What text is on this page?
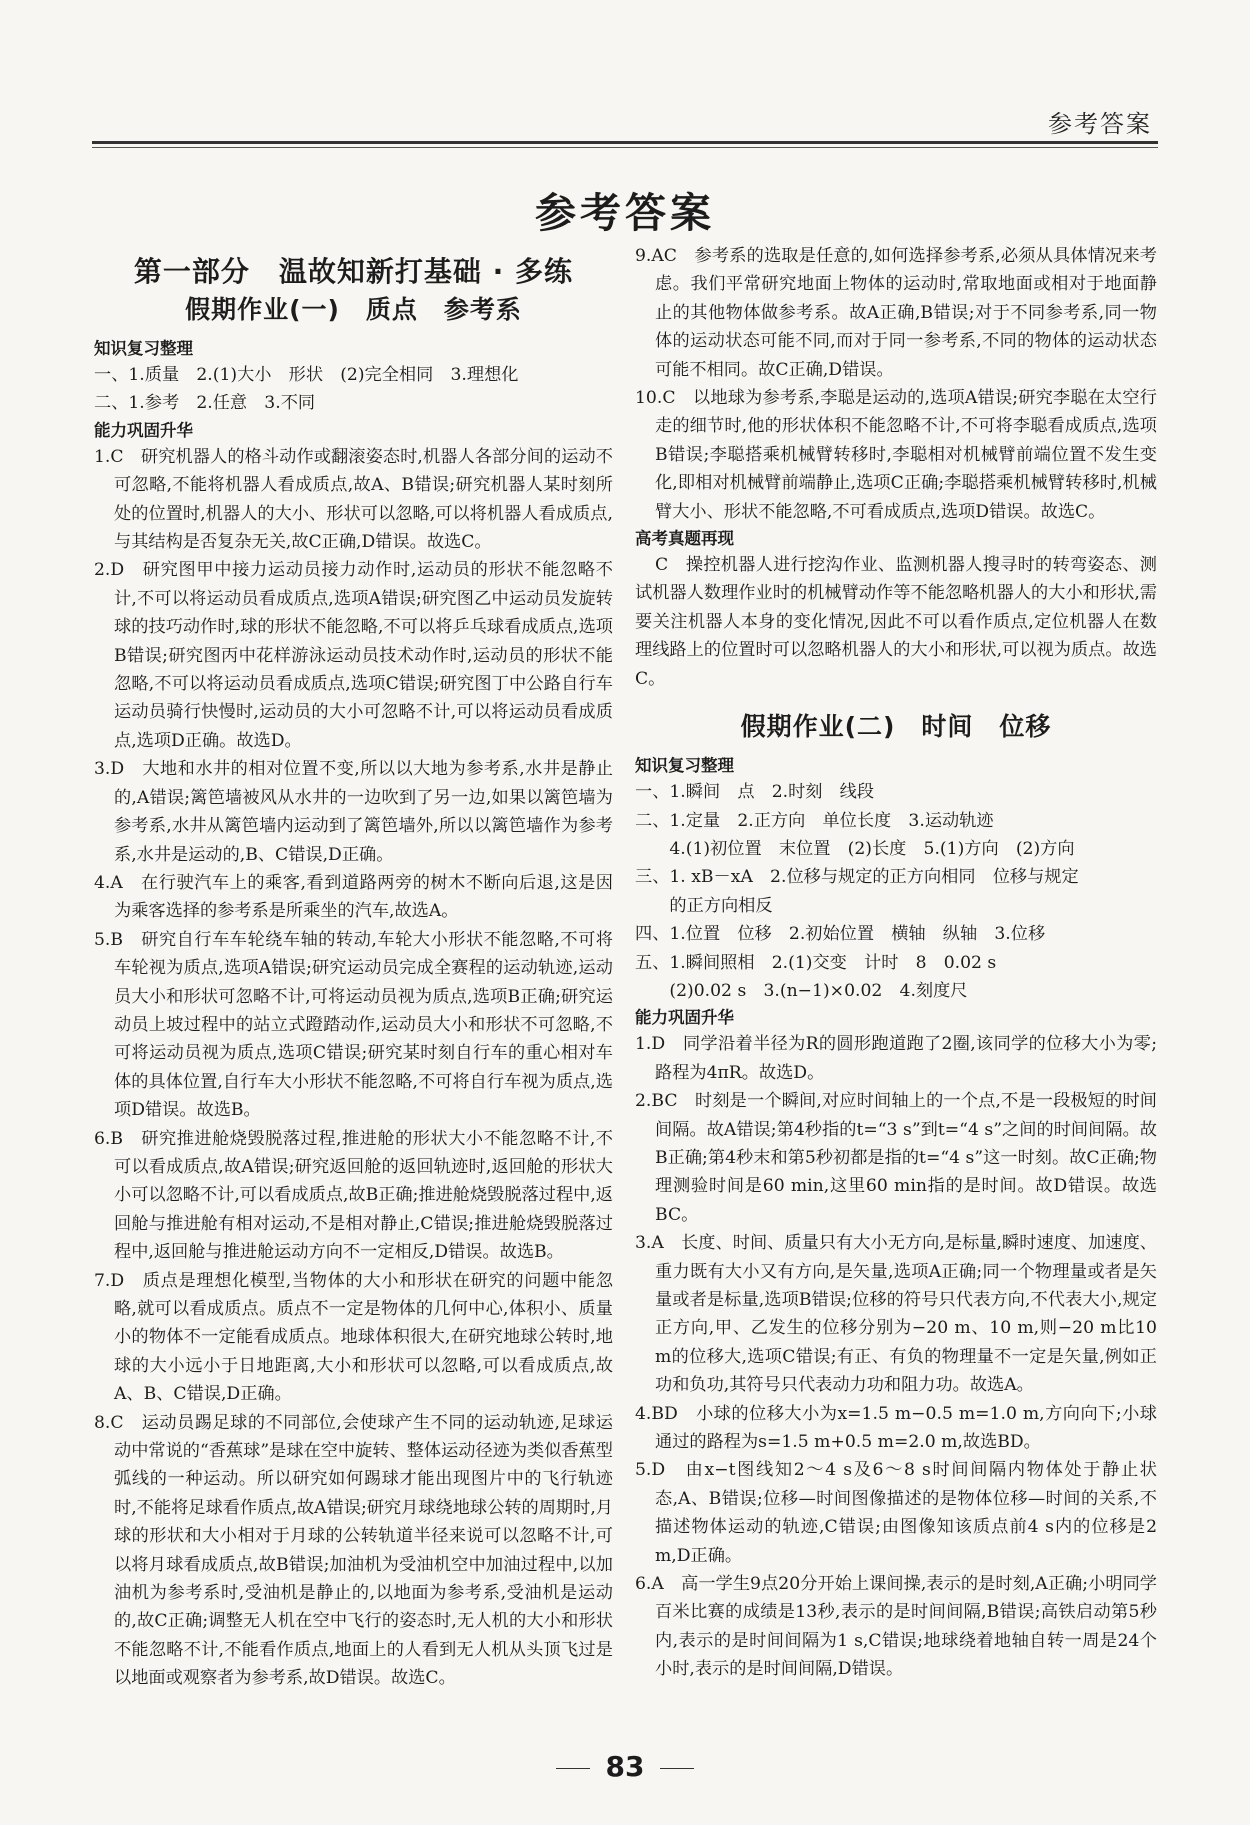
参考答案
参考答案
第一部分　温故知新打基础 · 多练
假期作业(一)　质点　参考系
知识复习整理
一、1.质量　2.(1)大小　形状　(2)完全相同　3.理想化
二、1.参考　2.任意　3.不同
能力巩固升华
1.C　研究机器人的格斗动作或翻滚姿态时,机器人各部分间的运动不可忽略,不能将机器人看成质点,故A、B错误;研究机器人某时刻所处的位置时,机器人的大小、形状可以忽略,可以将机器人看成质点,与其结构是否复杂无关,故C正确,D错误。故选C。
2.D　研究图甲中接力运动员接力动作时,运动员的形状不能忽略不计,不可以将运动员看成质点,选项A错误;研究图乙中运动员发旋转球的技巧动作时,球的形状不能忽略,不可以将乒乓球看成质点,选项B错误;研究图丙中花样游泳运动员技术动作时,运动员的形状不能忽略,不可以将运动员看成质点,选项C错误;研究图丁中公路自行车运动员骑行快慢时,运动员的大小可忽略不计,可以将运动员看成质点,选项D正确。故选D。
3.D　大地和水井的相对位置不变,所以以大地为参考系,水井是静止的,A错误;篱笆墙被风从水井的一边吹到了另一边,如果以篱笆墙为参考系,水井从篱笆墙内运动到了篱笆墙外,所以以篱笆墙作为参考系,水井是运动的,B、C错误,D正确。
4.A　在行驶汽车上的乘客,看到道路两旁的树木不断向后退,这是因为乘客选择的参考系是所乘坐的汽车,故选A。
5.B　研究自行车车轮绕车轴的转动,车轮大小形状不能忽略,不可将车轮视为质点,选项A错误;研究运动员完成全赛程的运动轨迹,运动员大小和形状可忽略不计,可将运动员视为质点,选项B正确;研究运动员上坡过程中的站立式蹬踏动作,运动员大小和形状不可忽略,不可将运动员视为质点,选项C错误;研究某时刻自行车的重心相对车体的具体位置,自行车大小形状不能忽略,不可将自行车视为质点,选项D错误。故选B。
6.B　研究推进舱烧毁脱落过程,推进舱的形状大小不能忽略不计,不可以看成质点,故A错误;研究返回舱的返回轨迹时,返回舱的形状大小可以忽略不计,可以看成质点,故B正确;推进舱烧毁脱落过程中,返回舱与推进舱有相对运动,不是相对静止,C错误;推进舱烧毁脱落过程中,返回舱与推进舱运动方向不一定相反,D错误。故选B。
7.D　质点是理想化模型,当物体的大小和形状在研究的问题中能忽略,就可以看成质点。质点不一定是物体的几何中心,体积小、质量小的物体不一定能看成质点。地球体积很大,在研究地球公转时,地球的大小远小于日地距离,大小和形状可以忽略,可以看成质点,故A、B、C错误,D正确。
8.C　运动员踢足球的不同部位,会使球产生不同的运动轨迹,足球运动中常说的“香蕉球”是球在空中旋转、整体运动径迹为类似香蕉型弧线的一种运动。所以研究如何踢球才能出现图片中的飞行轨迹时,不能将足球看作质点,故A错误;研究月球绕地球公转的周期时,月球的形状和大小相对于月球的公转轨道半径来说可以忽略不计,可以将月球看成质点,故B错误;加油机为受油机空中加油过程中,以加油机为参考系时,受油机是静止的,以地面为参考系,受油机是运动的,故C正确;调整无人机在空中飞行的姿态时,无人机的大小和形状不能忽略不计,不能看作质点,地面上的人看到无人机从头顶飞过是以地面或观察者为参考系,故D错误。故选C。
9.AC　参考系的选取是任意的,如何选择参考系,必须从具体情况来考虑。我们平常研究地面上物体的运动时,常取地面或相对于地面静止的其他物体做参考系。故A正确,B错误;对于不同参考系,同一物体的运动状态可能不同,而对于同一参考系,不同的物体的运动状态可能不相同。故C正确,D错误。
10.C　以地球为参考系,李聪是运动的,选项A错误;研究李聪在太空行走的细节时,他的形状体积不能忽略不计,不可将李聪看成质点,选项B错误;李聪搭乘机械臂转移时,李聪相对机械臂前端位置不发生变化,即相对机械臂前端静止,选项C正确;李聪搭乘机械臂转移时,机械臂大小、形状不能忽略,不可看成质点,选项D错误。故选C。
高考真题再现
C　操控机器人进行挖沟作业、监测机器人搜寻时的转弯姿态、测试机器人数理作业时的机械臂动作等不能忽略机器人的大小和形状,需要关注机器人本身的变化情况,因此不可以看作质点,定位机器人在数理线路上的位置时可以忽略机器人的大小和形状,可以视为质点。故选C。
假期作业(二)　时间　位移
知识复习整理
一、1.瞬间　点　2.时刻　线段
二、1.定量　2.正方向　单位长度　3.运动轨迹
　　4.(1)初位置　末位置　(2)长度　5.(1)方向　(2)方向
三、1. xB－xA　2.位移与规定的正方向相同　位移与规定
　　的正方向相反
四、1.位置　位移　2.初始位置　横轴　纵轴　3.位移
五、1.瞬间照相　2.(1)交变　计时　8　0.02 s
　　(2)0.02 s　3.(n−1)×0.02　4.刻度尺
能力巩固升华
1.D　同学沿着半径为R的圆形跑道跑了2圈,该同学的位移大小为零;路程为4πR。故选D。
2.BC　时刻是一个瞬间,对应时间轴上的一个点,不是一段极短的时间间隔。故A错误;第4秒指的t=“3 s”到t=“4 s”之间的时间间隔。故B正确;第4秒末和第5秒初都是指的t=“4 s”这一时刻。故C正确;物理测验时间是60 min,这里60 min指的是时间。故D错误。故选BC。
3.A　长度、时间、质量只有大小无方向,是标量,瞬时速度、加速度、重力既有大小又有方向,是矢量,选项A正确;同一个物理量或者是矢量或者是标量,选项B错误;位移的符号只代表方向,不代表大小,规定正方向,甲、乙发生的位移分别为−20 m、10 m,则−20 m比10 m的位移大,选项C错误;有正、有负的物理量不一定是矢量,例如正功和负功,其符号只代表动力功和阻力功。故选A。
4.BD　小球的位移大小为x=1.5 m−0.5 m=1.0 m,方向向下;小球通过的路程为s=1.5 m+0.5 m=2.0 m,故选BD。
5.D　由x−t图线知2～4 s及6～8 s时间间隔内物体处于静止状态,A、B错误;位移—时间图像描述的是物体位移—时间的关系,不描述物体运动的轨迹,C错误;由图像知该质点前4 s内的位移是2 m,D正确。
6.A　高一学生9点20分开始上课间操,表示的是时刻,A正确;小明同学百米比赛的成绩是13秒,表示的是时间间隔,B错误;高铁启动第5秒内,表示的是时间间隔为1 s,C错误;地球绕着地轴自转一周是24个小时,表示的是时间间隔,D错误。
83
